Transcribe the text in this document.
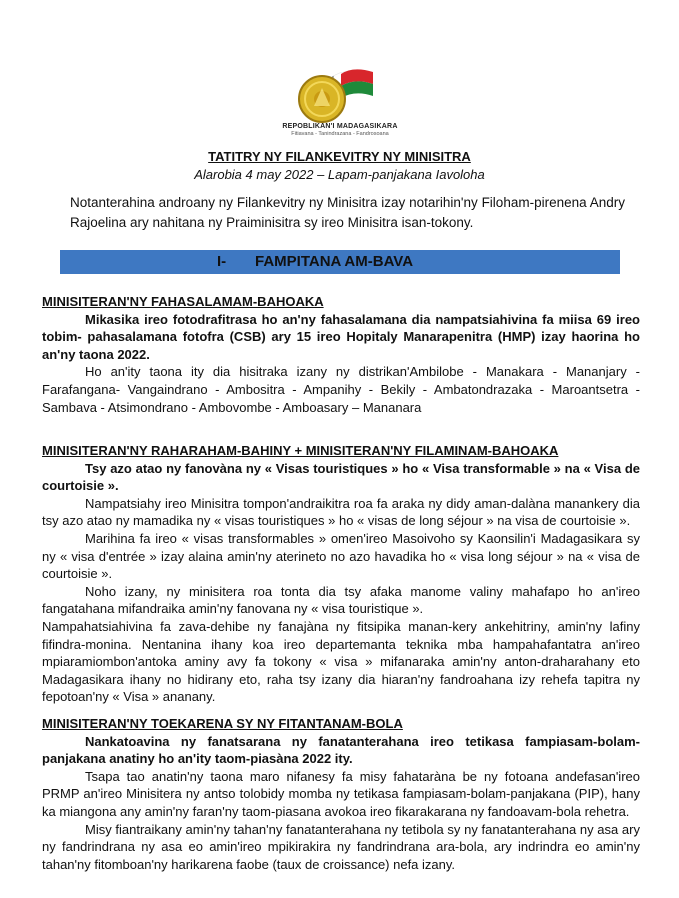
REPOBLIKAN'I MADAGASIKARA
Fitiavana - Tanindrazana - Fandrosoana
TATITRY NY FILANKEVITRY NY MINISITRA
Alarobia 4 may 2022 – Lapam-panjakana Iavoloha
Notanterahina androany ny Filankevitry ny Minisitra izay notarihin'ny Filoham-pirenena Andry Rajoelina ary nahitana ny Praiminisitra sy ireo Minisitra isan-tokony.
I- FAMPITANA AM-BAVA
MINISITERAN'NY FAHASALAMAM-BAHOAKA
Mikasika ireo fotodrafitrasa ho an'ny fahasalamana dia nampatsiahivina fa miisa 69 ireo tobim- pahasalamana fotofra (CSB) ary 15 ireo Hopitaly Manarapenitra (HMP) izay haorina ho an'ny taona 2022.
Ho an'ity taona ity dia hisitraka izany ny distrikan'Ambilobe - Manakara - Mananjary - Farafangana- Vangaindrano - Ambositra - Ampanihy - Bekily - Ambatondrazaka - Maroantsetra - Sambava - Atsimondrano - Ambovombe - Amboasary – Mananara
MINISITERAN'NY RAHARAHAM-BAHINY + MINISITERAN'NY FILAMINAM-BAHOAKA
Tsy azo atao ny fanovàna ny « Visas touristiques » ho « Visa transformable » na « Visa de courtoisie ».
Nampatsiahy ireo Minisitra tompon'andraikitra roa fa araka ny didy aman-dalàna manankery dia tsy azo atao ny mamadika ny « visas touristiques » ho « visas de long séjour » na visa de courtoisie ».
Marihina fa ireo « visas transformables » omen'ireo Masoivoho sy Kaonsilin'i Madagasikara sy ny « visa d'entrée » izay alaina amin'ny aterineto no azo havadika ho « visa long séjour » na « visa de courtoisie ».
Noho izany, ny minisitera roa tonta dia tsy afaka manome valiny mahafapo ho an'ireo fangatahana mifandraika amin'ny fanovana ny « visa touristique ».
Nampahatsiahivina fa zava-dehibe ny fanajàna ny fitsipika manan-kery ankehitriny, amin'ny lafiny fifindra-monina. Nentanina ihany koa ireo departemanta teknika mba hampahafantatra an'ireo mpiaramiombon'antoka aminy avy fa tokony « visa » mifanaraka amin'ny anton-draharahany eto Madagasikara ihany no hidirany eto, raha tsy izany dia hiaran'ny fandroahana izy rehefa tapitra ny fepotoan'ny « Visa » ananany.
MINISITERAN'NY TOEKARENA SY NY FITANTANAM-BOLA
Nankatoavina ny fanatsarana ny fanatanterahana ireo tetikasa fampiasam-bolam-panjakana anatiny ho an'ity taom-piasàna 2022 ity.
Tsapa tao anatin'ny taona maro nifanesy fa misy fahataràna be ny fotoana andefasan'ireo PRMP an'ireo Minisitera ny antso tolobidy momba ny tetikasa fampiasam-bolam-panjakana (PIP), hany ka miangona any amin'ny faran'ny taom-piasana avokoa ireo fikarakarana ny fandoavam-bola rehetra.
Misy fiantraikany amin'ny tahan'ny fanatanterahana ny tetibola sy ny fanatanterahana ny asa ary ny fandrindrana ny asa eo amin'ireo mpikirakira ny fandrindrana ara-bola, ary indrindra eo amin'ny tahan'ny fitomboan'ny harikarena faobe (taux de croissance) nefa izany.
